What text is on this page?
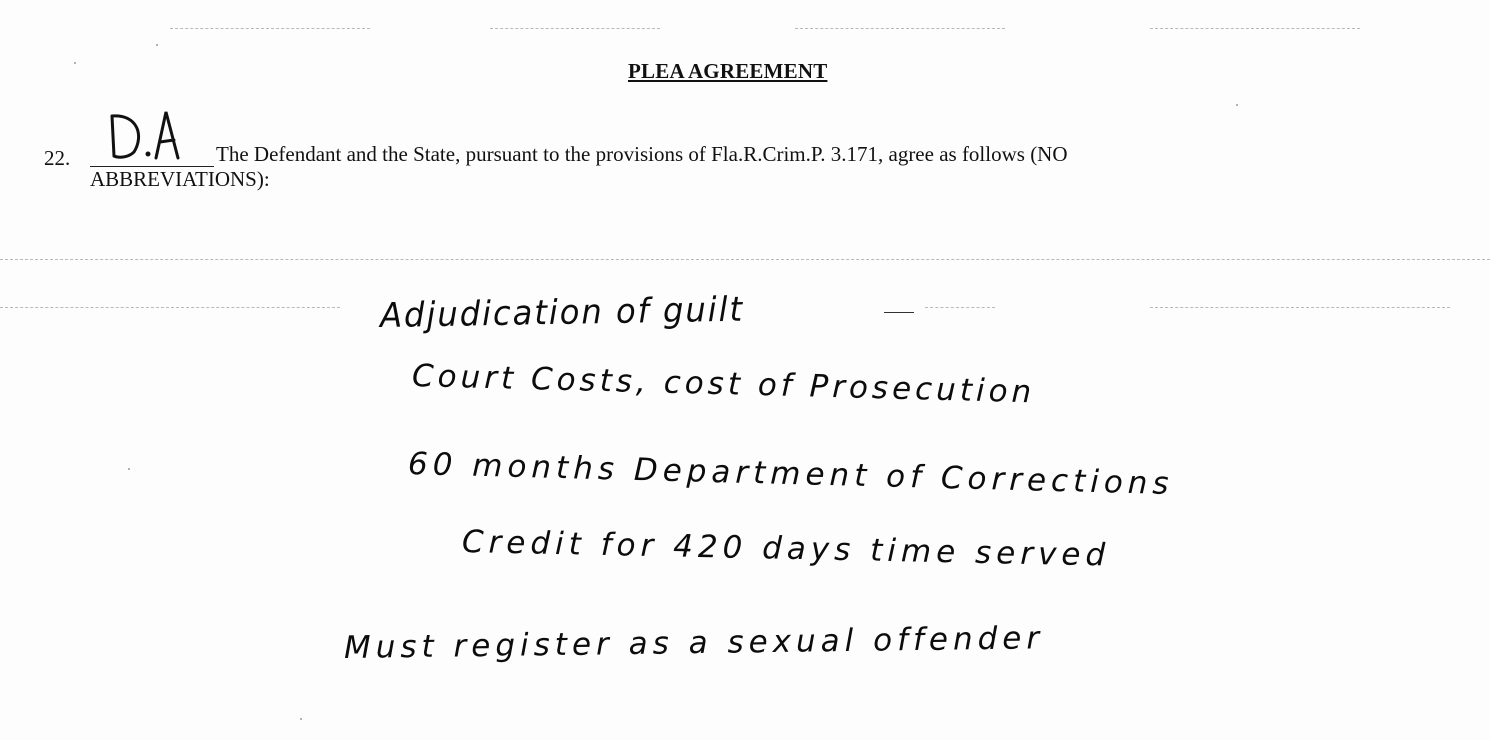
PLEA AGREEMENT
22.	The Defendant and the State, pursuant to the provisions of Fla.R.Crim.P. 3.171, agree as follows (NO
ABBREVIATIONS):
Adjudication of guilt
Court Costs, cost of Prosecution
60 months Department of Corrections
Credit for 420 days time served
Must register as a sexual offender
